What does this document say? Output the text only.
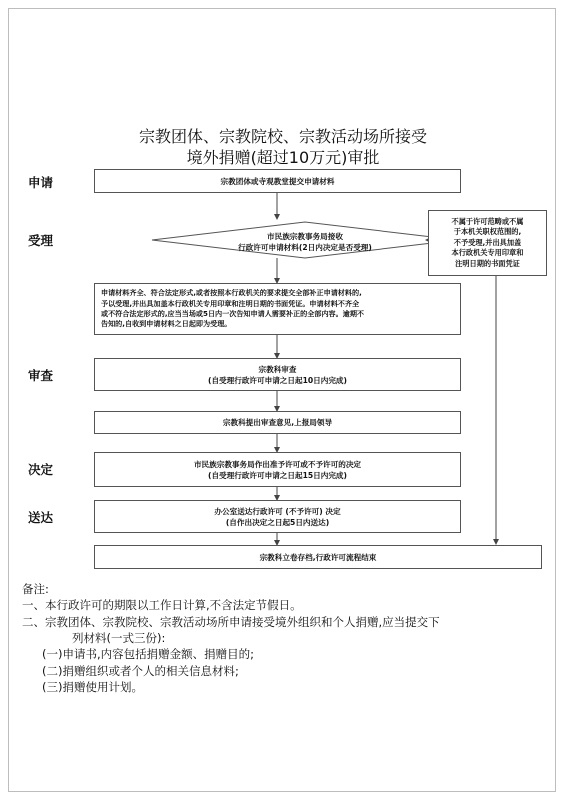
宗教团体、宗教院校、宗教活动场所接受
境外捐赠(超过10万元)审批
申请
受理
审查
决定
送达
宗教团体或寺观教堂提交申请材料
市民族宗教事务局接收
行政许可申请材料(2日内决定是否受理)
不属于许可范畴或不属
于本机关职权范围的,
不予受理,并出具加盖
本行政机关专用印章和
注明日期的书面凭证
申请材料齐全、符合法定形式,或者按照本行政机关的要求提交全部补正申请材料的,
予以受理,并出具加盖本行政机关专用印章和注明日期的书面凭证。申请材料不齐全
或不符合法定形式的,应当当场或5日内一次告知申请人需要补正的全部内容。逾期不
告知的,自收到申请材料之日起即为受理。
宗教科审查
(自受理行政许可申请之日起10日内完成)
宗教科提出审查意见,上报局领导
市民族宗教事务局作出准予许可或不予许可的决定
(自受理行政许可申请之日起15日内完成)
办公室送达行政许可 (不予许可) 决定
(自作出决定之日起5日内送达)
宗教科立卷存档,行政许可流程结束
备注:
一、本行政许可的期限以工作日计算,不含法定节假日。
二、宗教团体、宗教院校、宗教活动场所申请接受境外组织和个人捐赠,应当提交下
列材料(一式三份):
(一)申请书,内容包括捐赠金额、捐赠目的;
(二)捐赠组织或者个人的相关信息材料;
(三)捐赠使用计划。
